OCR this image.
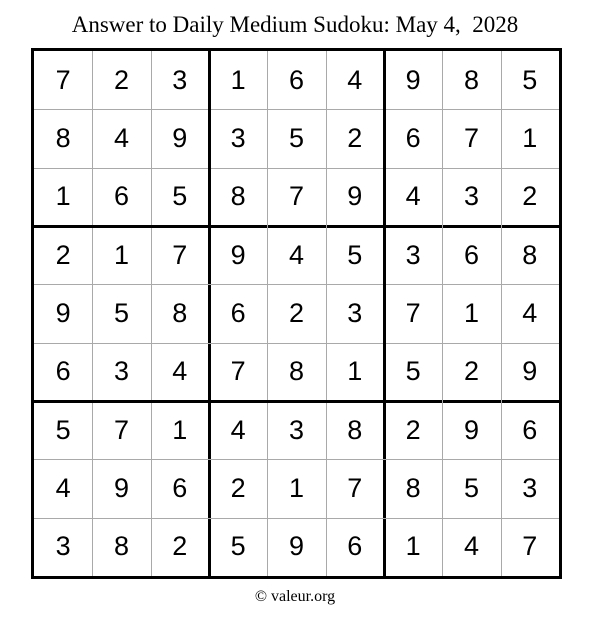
Answer to Daily Medium Sudoku: May 4,  2028
7	2	3	1	6	4	9	8	5
8	4	9	3	5	2	6	7	1
1	6	5	8	7	9	4	3	2
2	1	7	9	4	5	3	6	8
9	5	8	6	2	3	7	1	4
6	3	4	7	8	1	5	2	9
5	7	1	4	3	8	2	9	6
4	9	6	2	1	7	8	5	3
3	8	2	5	9	6	1	4	7
© valeur.org
